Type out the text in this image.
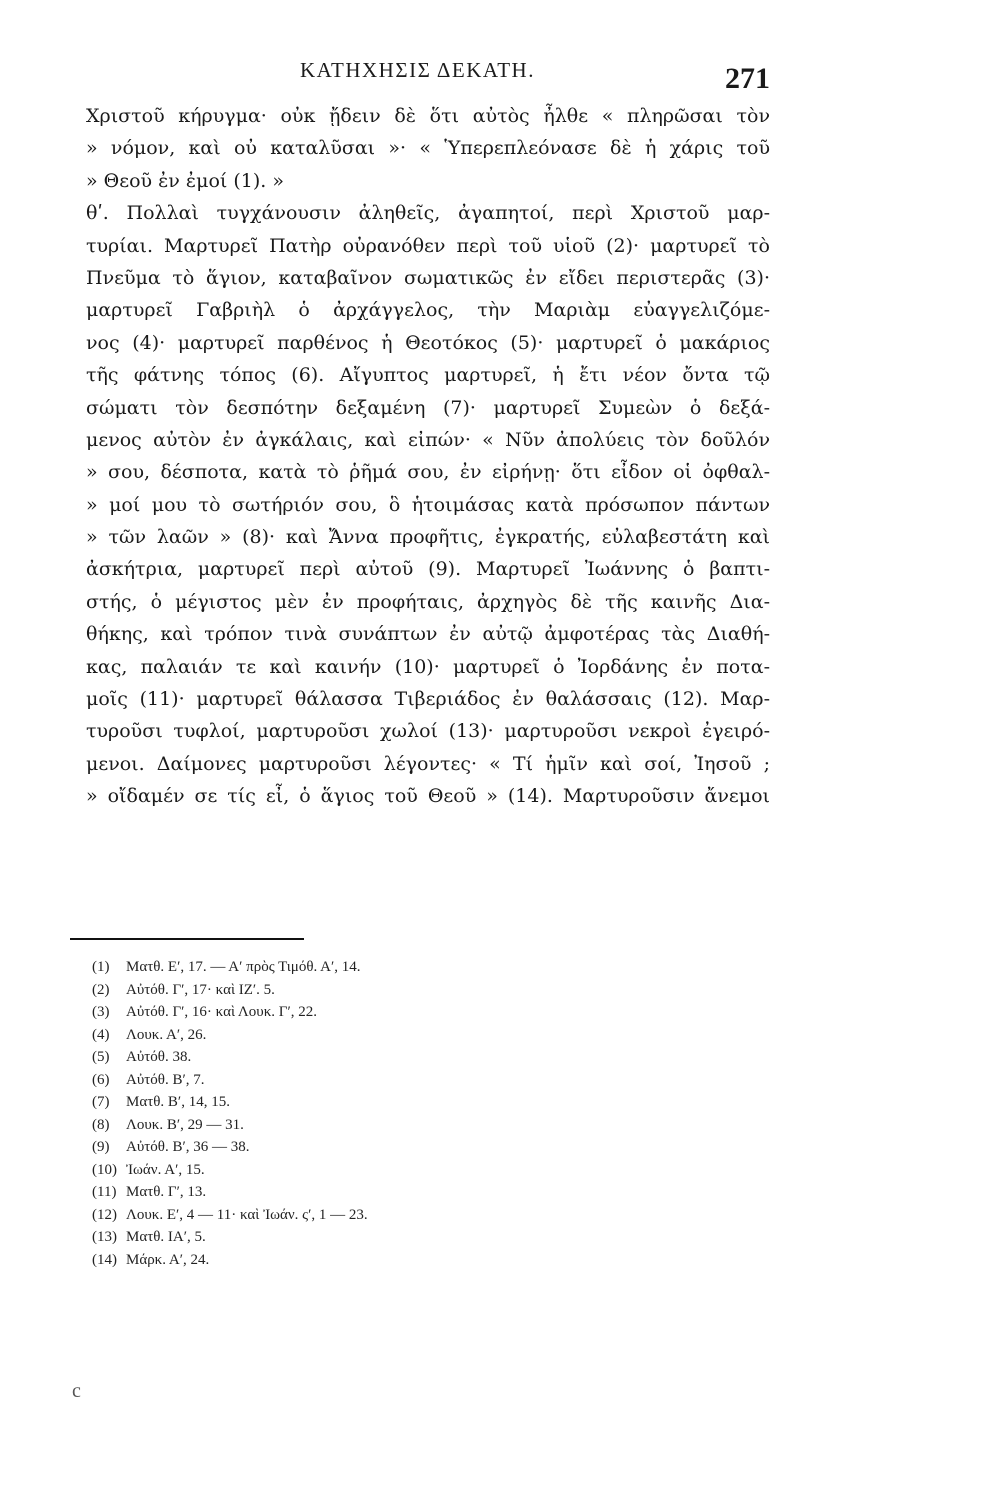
ΚΑΤΗΧΗΣΙΣ ΔΕΚΑΤΗ.	271
Χριστοῦ κήρυγμα· οὐκ ᾔδειν δὲ ὅτι αὐτὸς ἦλθε « πληρῶσαι τὸν
» νόμον, καὶ οὐ καταλῦσαι »· « Ὑπερεπλεόνασε δὲ ἡ χάρις τοῦ
» Θεοῦ ἐν ἐμοί (1). »
θʹ. Πολλαὶ τυγχάνουσιν ἀληθεῖς, ἀγαπητοί, περὶ Χριστοῦ μαρ-
τυρίαι. Μαρτυρεῖ Πατὴρ οὐρανόθεν περὶ τοῦ υἱοῦ (2)· μαρτυρεῖ τὸ
Πνεῦμα τὸ ἅγιον, καταβαῖνον σωματικῶς ἐν εἴδει περιστερᾶς (3)·
μαρτυρεῖ Γαβριὴλ ὁ ἀρχάγγελος, τὴν Μαριὰμ εὐαγγελιζόμε-
νος (4)· μαρτυρεῖ παρθένος ἡ Θεοτόκος (5)· μαρτυρεῖ ὁ μακάριος
τῆς φάτνης τόπος (6). Αἴγυπτος μαρτυρεῖ, ἡ ἔτι νέον ὄντα τῷ
σώματι τὸν δεσπότην δεξαμένη (7)· μαρτυρεῖ Συμεὼν ὁ δεξά-
μενος αὐτὸν ἐν ἀγκάλαις, καὶ εἰπών· « Νῦν ἀπολύεις τὸν δοῦλόν
» σου, δέσποτα, κατὰ τὸ ῥῆμά σου, ἐν εἰρήνῃ· ὅτι εἶδον οἱ ὀφθαλ-
» μοί μου τὸ σωτήριόν σου, ὃ ἡτοιμάσας κατὰ πρόσωπον πάντων
» τῶν λαῶν » (8)· καὶ Ἄννα προφῆτις, ἐγκρατής, εὐλαβεστάτη καὶ
ἀσκήτρια, μαρτυρεῖ περὶ αὐτοῦ (9). Μαρτυρεῖ Ἰωάννης ὁ βαπτι-
στής, ὁ μέγιστος μὲν ἐν προφήταις, ἀρχηγὸς δὲ τῆς καινῆς Δια-
θήκης, καὶ τρόπον τινὰ συνάπτων ἐν αὐτῷ ἀμφοτέρας τὰς Διαθή-
κας, παλαιάν τε καὶ καινήν (10)· μαρτυρεῖ ὁ Ἰορδάνης ἐν ποτα-
μοῖς (11)· μαρτυρεῖ θάλασσα Τιβεριάδος ἐν θαλάσσαις (12). Μαρ-
τυροῦσι τυφλοί, μαρτυροῦσι χωλοί (13)· μαρτυροῦσι νεκροὶ ἐγειρό-
μενοι. Δαίμονες μαρτυροῦσι λέγοντες· « Τί ἡμῖν καὶ σοί, Ἰησοῦ ;
» οἴδαμέν σε τίς εἶ, ὁ ἅγιος τοῦ Θεοῦ » (14). Μαρτυροῦσιν ἄνεμοι
(1) Ματθ. Εʹ, 17. — Αʹ πρὸς Τιμόθ. Αʹ, 14.
(2) Αὐτόθ. Γʹ, 17· καὶ ΙΖʹ. 5.
(3) Αὐτόθ. Γʹ, 16· καὶ Λουκ. Γʹ, 22.
(4) Λουκ. Αʹ, 26.
(5) Αὐτόθ. 38.
(6) Αὐτόθ. Βʹ, 7.
(7) Ματθ. Βʹ, 14, 15.
(8) Λουκ. Βʹ, 29 — 31.
(9) Αὐτόθ. Βʹ, 36 — 38.
(10) Ἰωάν. Αʹ, 15.
(11) Ματθ. Γʹ, 13.
(12) Λουκ. Εʹ, 4 — 11· καὶ Ἰωάν. ςʹ, 1 — 23.
(13) Ματθ. ΙΑʹ, 5.
(14) Μάρκ. Αʹ, 24.
c
